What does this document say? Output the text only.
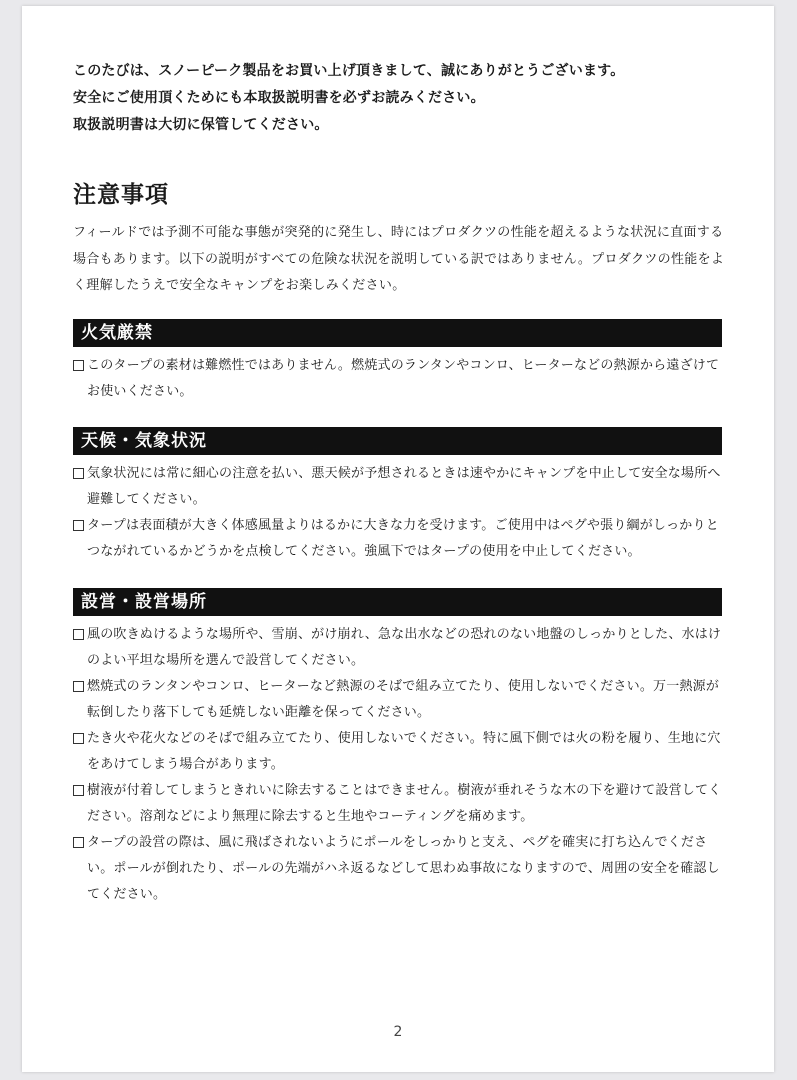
このたびは、スノーピーク製品をお買い上げ頂きまして、誠にありがとうございます。

安全にご使用頂くためにも本取扱説明書を必ずお読みください。

取扱説明書は大切に保管してください。

注意事項

フィールドでは予測不可能な事態が突発的に発生し、時にはプロダクツの性能を超えるような状況に直面する場合もあります。以下の説明がすべての危険な状況を説明している訳ではありません。プロダクツの性能をよく理解したうえで安全なキャンプをお楽しみください。

火気厳禁
このタープの素材は難燃性ではありません。燃焼式のランタンやコンロ、ヒーターなどの熱源から遠ざけてお使いください。
天候・気象状況
気象状況には常に細心の注意を払い、悪天候が予想されるときは速やかにキャンプを中止して安全な場所へ避難してください。
タープは表面積が大きく体感風量よりはるかに大きな力を受けます。ご使用中はペグや張り綱がしっかりとつながれているかどうかを点検してください。強風下ではタープの使用を中止してください。
設営・設営場所
風の吹きぬけるような場所や、雪崩、がけ崩れ、急な出水などの恐れのない地盤のしっかりとした、水はけのよい平坦な場所を選んで設営してください。
燃焼式のランタンやコンロ、ヒーターなど熱源のそばで組み立てたり、使用しないでください。万一熱源が転倒したり落下しても延焼しない距離を保ってください。
たき火や花火などのそばで組み立てたり、使用しないでください。特に風下側では火の粉を履り、生地に穴をあけてしまう場合があります。
樹液が付着してしまうときれいに除去することはできません。樹液が垂れそうな木の下を避けて設営してください。溶剤などにより無理に除去すると生地やコーティングを痛めます。
タープの設営の際は、風に飛ばされないようにポールをしっかりと支え、ペグを確実に打ち込んでください。ポールが倒れたり、ポールの先端がハネ返るなどして思わぬ事故になりますので、周囲の安全を確認してください。
2
